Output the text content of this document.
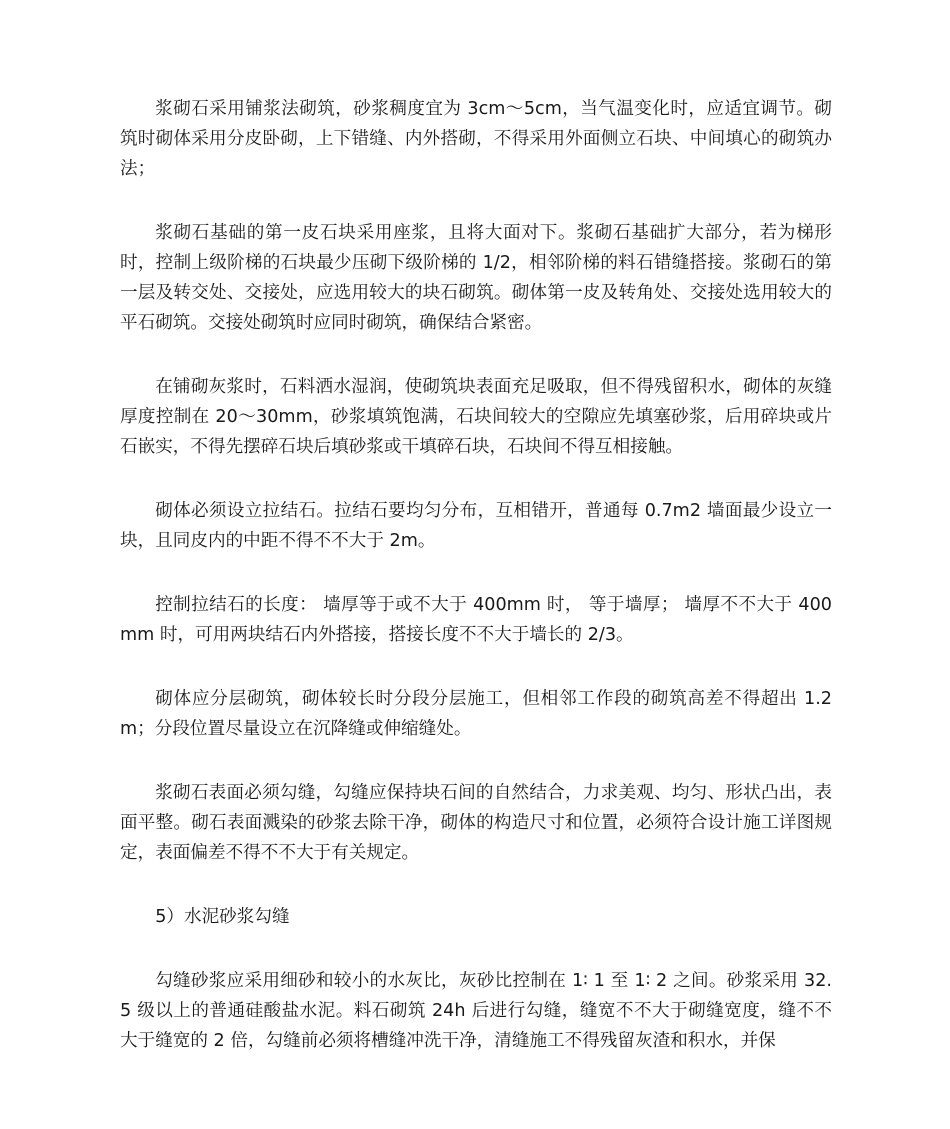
浆砌石采用铺浆法砌筑，砂浆稠度宜为 3cm～5cm，当气温变化时，应适宜调节。砌筑时砌体采用分皮卧砌，上下错缝、内外搭砌，不得采用外面侧立石块、中间填心的砌筑办法；

浆砌石基础的第一皮石块采用座浆，且将大面对下。浆砌石基础扩大部分，若为梯形时，控制上级阶梯的石块最少压砌下级阶梯的 1/2，相邻阶梯的料石错缝搭接。浆砌石的第一层及转交处、交接处，应选用较大的块石砌筑。砌体第一皮及转角处、交接处选用较大的平石砌筑。交接处砌筑时应同时砌筑，确保结合紧密。

在铺砌灰浆时，石料洒水湿润，使砌筑块表面充足吸取，但不得残留积水，砌体的灰缝厚度控制在 20～30mm，砂浆填筑饱满，石块间较大的空隙应先填塞砂浆，后用碎块或片石嵌实，不得先摆碎石块后填砂浆或干填碎石块，石块间不得互相接触。

砌体必须设立拉结石。拉结石要均匀分布，互相错开，普通每 0.7m2 墙面最少设立一块，且同皮内的中距不得不不大于 2m。

控制拉结石的长度： 墙厚等于或不大于 400mm 时， 等于墙厚； 墙厚不不大于 400mm 时，可用两块结石内外搭接，搭接长度不不大于墙长的 2/3。

砌体应分层砌筑，砌体较长时分段分层施工，但相邻工作段的砌筑高差不得超出 1.2m；分段位置尽量设立在沉降缝或伸缩缝处。

浆砌石表面必须勾缝，勾缝应保持块石间的自然结合，力求美观、均匀、形状凸出，表面平整。砌石表面溅染的砂浆去除干净，砌体的构造尺寸和位置，必须符合设计施工详图规定，表面偏差不得不不大于有关规定。

5）水泥砂浆勾缝

勾缝砂浆应采用细砂和较小的水灰比，灰砂比控制在 1∶ 1 至 1∶ 2 之间。砂浆采用 32.5 级以上的普通硅酸盐水泥。料石砌筑 24h 后进行勾缝，缝宽不不大于砌缝宽度，缝不不大于缝宽的 2 倍，勾缝前必须将槽缝冲洗干净，清缝施工不得残留灰渣和积水，并保
